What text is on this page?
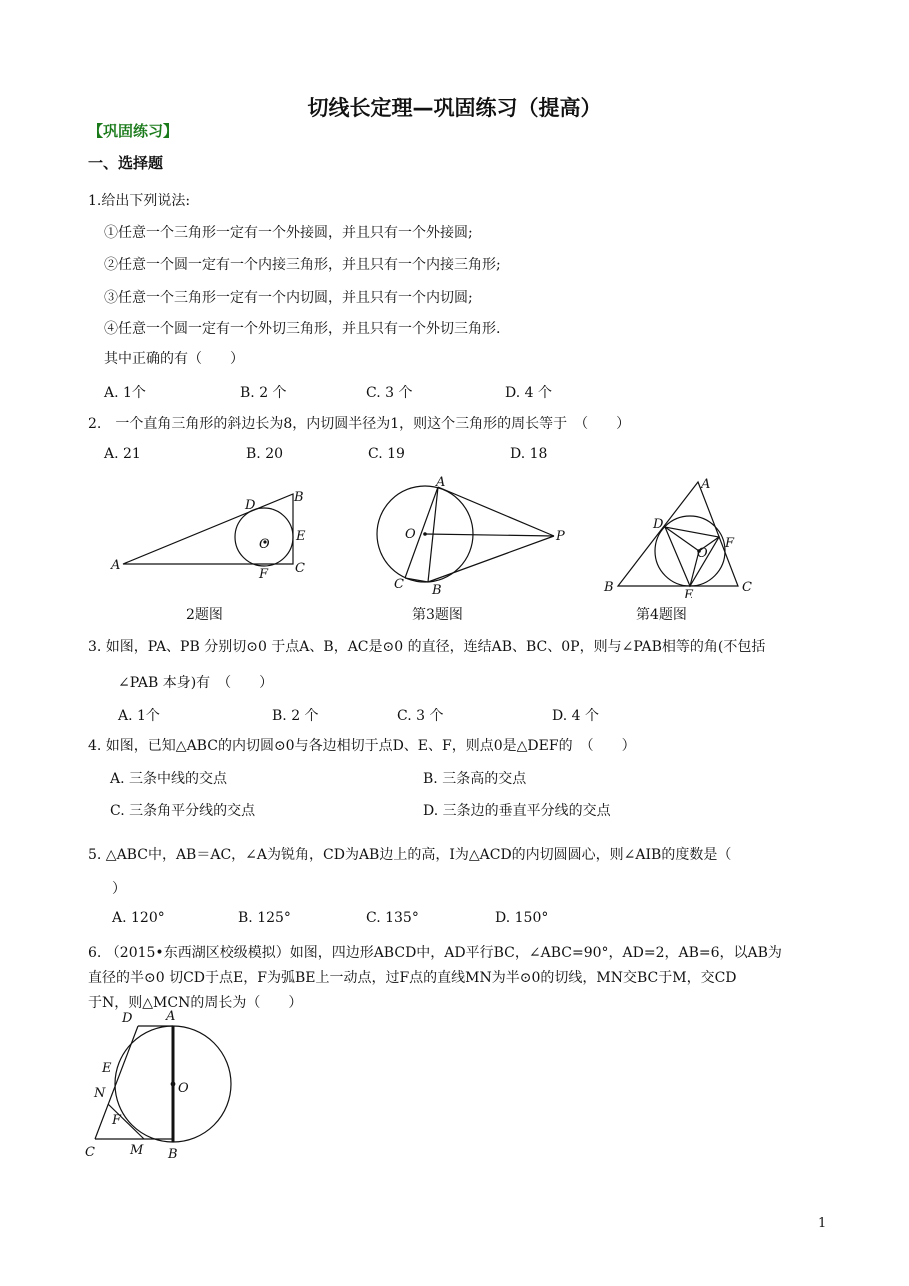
切线长定理—巩固练习（提高）
【巩固练习】
一、选择题
1.给出下列说法:
①任意一个三角形一定有一个外接圆，并且只有一个外接圆;
②任意一个圆一定有一个内接三角形，并且只有一个内接三角形;
③任意一个三角形一定有一个内切圆，并且只有一个内切圆;
④任意一个圆一定有一个外切三角形，并且只有一个外切三角形.
其中正确的有（　　）
A. 1个	B. 2 个	C. 3 个	D. 4 个
2.　一个直角三角形的斜边长为8，内切圆半径为1，则这个三角形的周长等于　（　　）
A. 21	B. 20	C. 19	D. 18
D
B
E
O
A
F C
A
O	P
C B
A
D
O
F
B
E
C
2题图	第3题图	第4题图
3. 如图，PA、PB 分别切⊙0 于点A、B，AC是⊙0 的直径，连结AB、BC、0P，则与∠PAB相等的角(不包括
∠PAB 本身)有　（　　）
A. 1个	B. 2 个	C. 3 个	D. 4 个
4. 如图，已知△ABC的内切圆⊙0与各边相切于点D、E、F，则点0是△DEF的　（　　）
A. 三条中线的交点	B. 三条高的交点
C. 三条角平分线的交点	D. 三条边的垂直平分线的交点
5. △ABC中，AB＝AC，∠A为锐角，CD为AB边上的高，I为△ACD的内切圆圆心，则∠AIB的度数是（
）
A. 120°	B. 125°	C. 135°	D. 150°
6. （2015•东西湖区校级模拟）如图，四边形ABCD中，AD平行BC，∠ABC=90°，AD=2，AB=6，以AB为
直径的半⊙0 切CD于点E，F为弧BE上一动点，过F点的直线MN为半⊙0的切线，MN交BC于M，交CD
于N，则△MCN的周长为（　　）
D	A
E
N	O
F
C	M B
1
